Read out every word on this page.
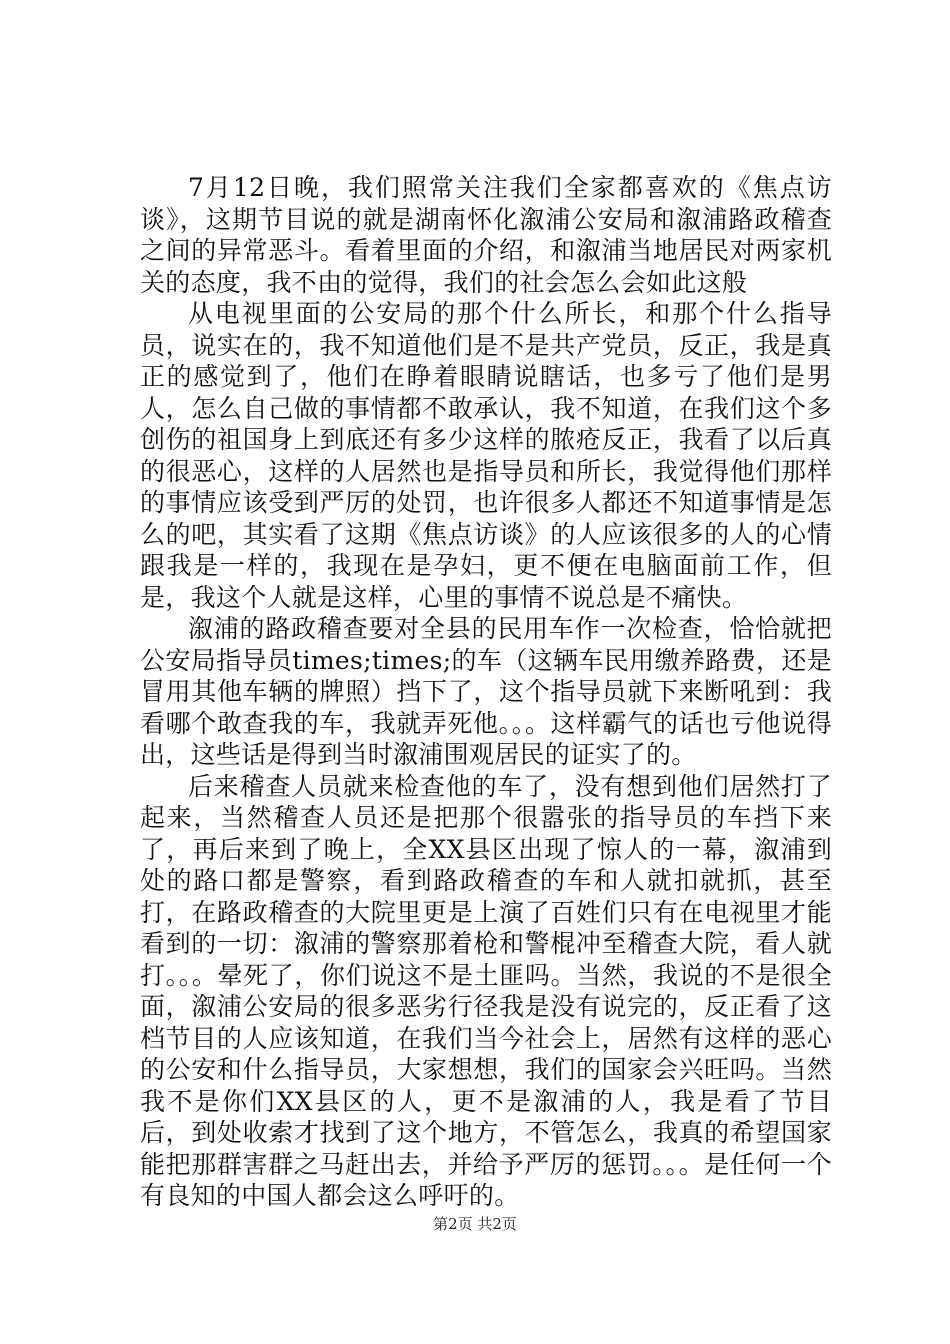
7月12日晚，我们照常关注我们全家都喜欢的《焦点访谈》，这期节目说的就是湖南怀化溆浦公安局和溆浦路政稽查之间的异常恶斗。看着里面的介绍，和溆浦当地居民对两家机关的态度，我不由的觉得，我们的社会怎么会如此这般

从电视里面的公安局的那个什么所长，和那个什么指导员，说实在的，我不知道他们是不是共产党员，反正，我是真正的感觉到了，他们在睁着眼睛说瞎话，也多亏了他们是男人，怎么自己做的事情都不敢承认，我不知道，在我们这个多创伤的祖国身上到底还有多少这样的脓疮反正，我看了以后真的很恶心，这样的人居然也是指导员和所长，我觉得他们那样的事情应该受到严厉的处罚，也许很多人都还不知道事情是怎么的吧，其实看了这期《焦点访谈》的人应该很多的人的心情跟我是一样的，我现在是孕妇，更不便在电脑面前工作，但是，我这个人就是这样，心里的事情不说总是不痛快。

溆浦的路政稽查要对全县的民用车作一次检查，恰恰就把公安局指导员times;times;的车（这辆车民用缴养路费，还是冒用其他车辆的牌照）挡下了，这个指导员就下来断吼到：我看哪个敢查我的车，我就弄死他。。。这样霸气的话也亏他说得出，这些话是得到当时溆浦围观居民的证实了的。

后来稽查人员就来检查他的车了，没有想到他们居然打了起来，当然稽查人员还是把那个很嚣张的指导员的车挡下来了，再后来到了晚上，全XX县区出现了惊人的一幕，溆浦到处的路口都是警察，看到路政稽查的车和人就扣就抓，甚至打，在路政稽查的大院里更是上演了百姓们只有在电视里才能看到的一切：溆浦的警察那着枪和警棍冲至稽查大院，看人就打。。。晕死了，你们说这不是土匪吗。当然，我说的不是很全面，溆浦公安局的很多恶劣行径我是没有说完的，反正看了这档节目的人应该知道，在我们当今社会上，居然有这样的恶心的公安和什么指导员，大家想想，我们的国家会兴旺吗。当然我不是你们XX县区的人，更不是溆浦的人，我是看了节目后，到处收索才找到了这个地方，不管怎么，我真的希望国家能把那群害群之马赶出去，并给予严厉的惩罚。。。是任何一个有良知的中国人都会这么呼吁的。

第2页 共2页
